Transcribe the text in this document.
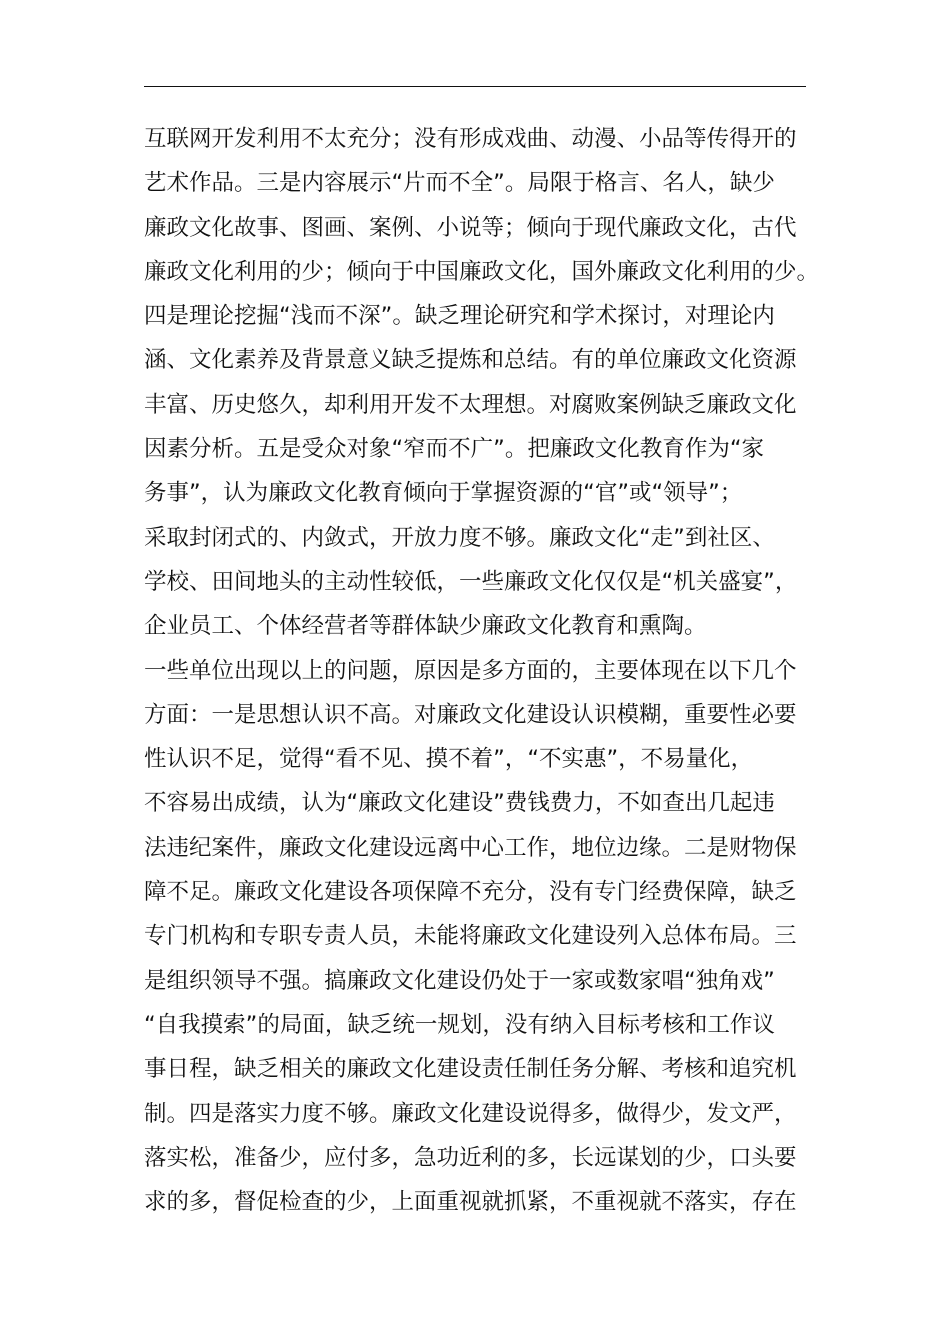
互联网开发利用不太充分；没有形成戏曲、动漫、小品等传得开的
艺术作品。三是内容展示“片而不全”。局限于格言、名人，缺少
廉政文化故事、图画、案例、小说等；倾向于现代廉政文化，古代
廉政文化利用的少；倾向于中国廉政文化，国外廉政文化利用的少。
四是理论挖掘“浅而不深”。缺乏理论研究和学术探讨，对理论内
涵、文化素养及背景意义缺乏提炼和总结。有的单位廉政文化资源
丰富、历史悠久，却利用开发不太理想。对腐败案例缺乏廉政文化
因素分析。五是受众对象“窄而不广”。把廉政文化教育作为“家
务事”，认为廉政文化教育倾向于掌握资源的“官”或“领导”；
采取封闭式的、内敛式，开放力度不够。廉政文化“走”到社区、
学校、田间地头的主动性较低，一些廉政文化仅仅是“机关盛宴”，
企业员工、个体经营者等群体缺少廉政文化教育和熏陶。
一些单位出现以上的问题，原因是多方面的，主要体现在以下几个
方面：一是思想认识不高。对廉政文化建设认识模糊，重要性必要
性认识不足，觉得“看不见、摸不着”，“不实惠”，不易量化，
不容易出成绩，认为“廉政文化建设”费钱费力，不如查出几起违
法违纪案件，廉政文化建设远离中心工作，地位边缘。二是财物保
障不足。廉政文化建设各项保障不充分，没有专门经费保障，缺乏
专门机构和专职专责人员，未能将廉政文化建设列入总体布局。三
是组织领导不强。搞廉政文化建设仍处于一家或数家唱“独角戏”
“自我摸索”的局面，缺乏统一规划，没有纳入目标考核和工作议
事日程，缺乏相关的廉政文化建设责任制任务分解、考核和追究机
制。四是落实力度不够。廉政文化建设说得多，做得少，发文严，
落实松，准备少，应付多，急功近利的多，长远谋划的少，口头要
求的多，督促检查的少，上面重视就抓紧，不重视就不落实，存在
